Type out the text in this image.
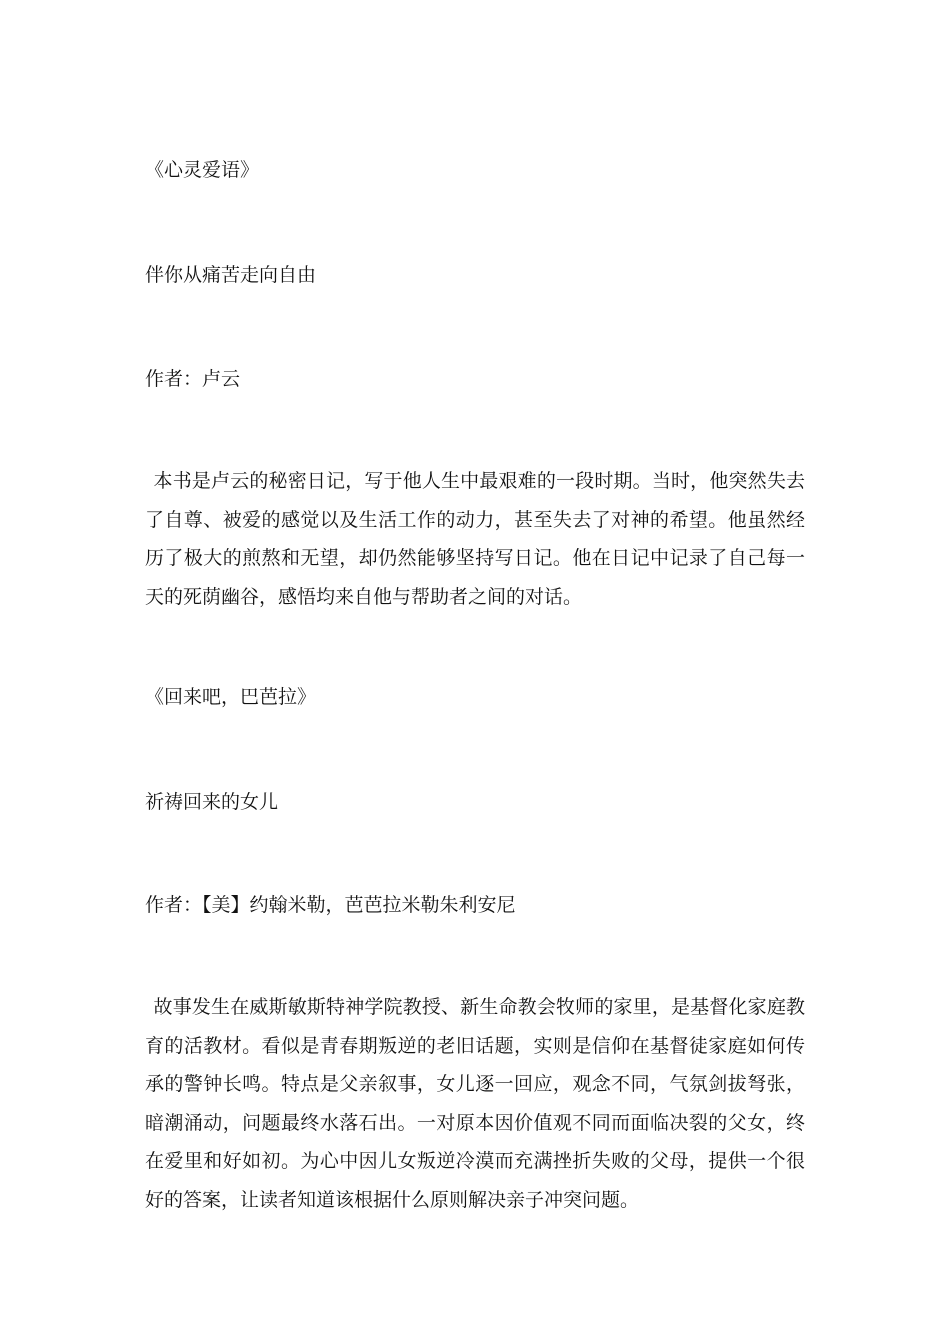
《心灵爱语》

伴你从痛苦走向自由

作者：卢云

本书是卢云的秘密日记，写于他人生中最艰难的一段时期。当时，他突然失去了自尊、被爱的感觉以及生活工作的动力，甚至失去了对神的希望。他虽然经历了极大的煎熬和无望，却仍然能够坚持写日记。他在日记中记录了自己每一天的死荫幽谷，感悟均来自他与帮助者之间的对话。

《回来吧，巴芭拉》

祈祷回来的女儿

作者：【美】约翰米勒，芭芭拉米勒朱利安尼

故事发生在威斯敏斯特神学院教授、新生命教会牧师的家里，是基督化家庭教育的活教材。看似是青春期叛逆的老旧话题，实则是信仰在基督徒家庭如何传承的警钟长鸣。特点是父亲叙事，女儿逐一回应，观念不同，气氛剑拔弩张，暗潮涌动，问题最终水落石出。一对原本因价值观不同而面临决裂的父女，终在爱里和好如初。为心中因儿女叛逆冷漠而充满挫折失败的父母，提供一个很好的答案，让读者知道该根据什么原则解决亲子冲突问题。
